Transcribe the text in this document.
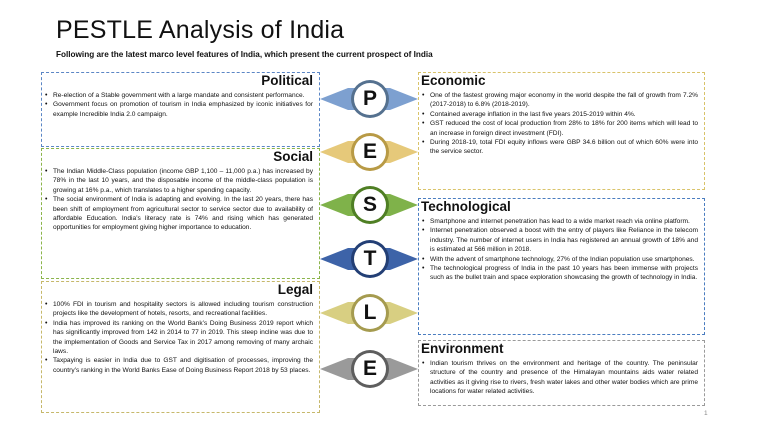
PESTLE Analysis of India
Following are the latest marco level features of India, which present the current prospect of India
Political
• Re-election of a Stable government with a large mandate and consistent performance.
• Government focus on promotion of tourism in India emphasized by iconic initiatives for example Incredible India 2.0 campaign.
Social
• The Indian Middle-Class population (income GBP 1,100 – 11,000 p.a.) has increased by 78% in the last 10 years, and the disposable income of the middle-class population is growing at 16% p.a., which translates to a higher spending capacity.
• The social environment of India is adapting and evolving. In the last 20 years, there has been shift of employment from agricultural sector to service sector due to availability of affordable Education. India’s literacy rate is 74% and rising which has generated opportunities for employment giving higher importance to education.
Legal
• 100% FDI in tourism and hospitality sectors is allowed including tourism construction projects like the development of hotels, resorts, and recreational facilities.
• India has improved its ranking on the World Bank’s Doing Business 2019 report which has significantly improved from 142 in 2014 to 77 in 2019. This steep incline was due to the implementation of Goods and Service Tax in 2017 among removing of many archaic laws.
• Taxpaying is easier in India due to GST and digitisation of processes, improving the country’s ranking in the World Banks Ease of Doing Business Report 2018 by 53 places.
P
E
S
T
L
E
Economic
• One of the fastest growing major economy in the world despite the fall of growth from 7.2% (2017-2018) to 6.8% (2018-2019).
• Contained average inflation in the last five years 2015-2019 within 4%.
• GST reduced the cost of local production from 28% to 18% for 200 items which will lead to an increase in foreign direct investment (FDI).
• During 2018-19, total FDI equity inflows were GBP 34.6 billion out of which 60% were into the service sector.
Technological
• Smartphone and internet penetration has lead to a wide market reach via online platform.
• Internet penetration observed a boost with the entry of players like Reliance in the telecom industry. The number of internet users in India has registered an annual growth of 18% and is estimated at 566 million in 2018.
• With the advent of smartphone technology, 27% of the Indian population use smartphones.
• The technological progress of India in the past 10 years has been immense with projects such as the bullet train and space exploration showcasing the growth of technology in India.
Environment
• Indian tourism thrives on the environment and heritage of the country. The peninsular structure of the country and presence of the Himalayan mountains aids water related activities as it giving rise to rivers, fresh water lakes and other water bodies which are prime locations for water related activities.
1
